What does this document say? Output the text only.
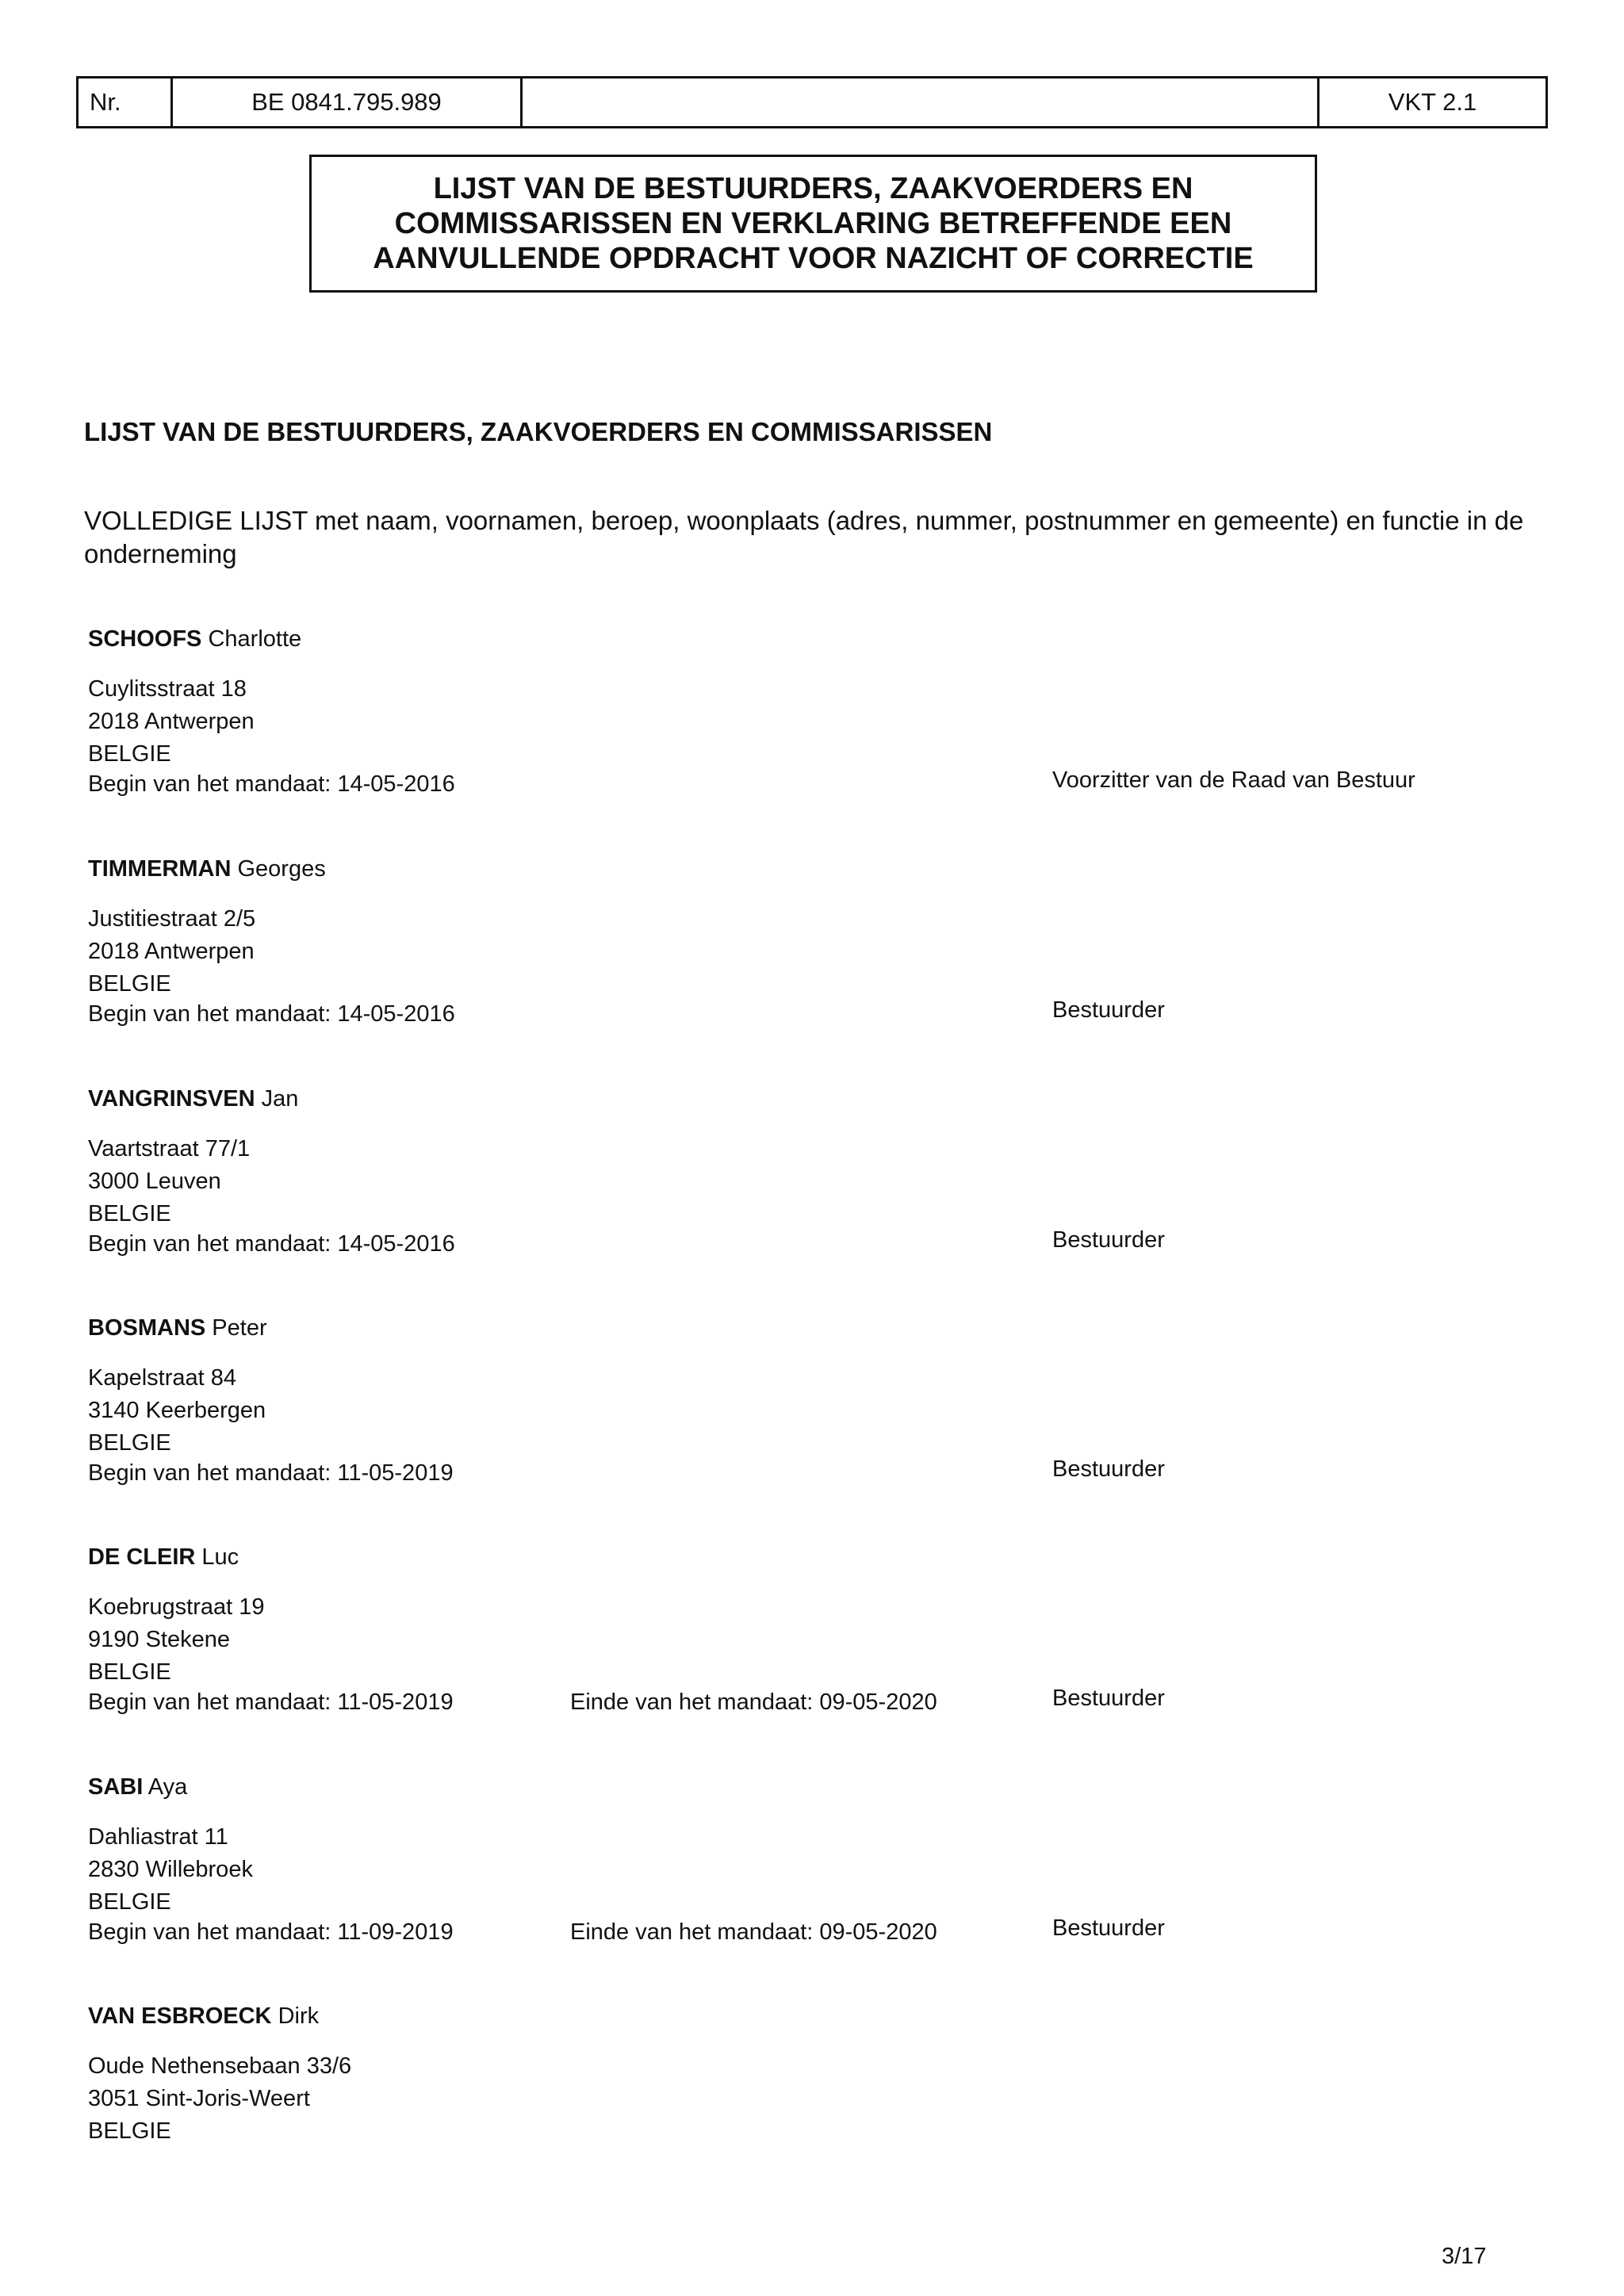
Nr.	BE 0841.795.989	VKT 2.1
LIJST VAN DE BESTUURDERS, ZAAKVOERDERS EN
COMMISSARISSEN EN VERKLARING BETREFFENDE EEN
AANVULLENDE OPDRACHT VOOR NAZICHT OF CORRECTIE
LIJST VAN DE BESTUURDERS, ZAAKVOERDERS EN COMMISSARISSEN
VOLLEDIGE LIJST met naam, voornamen, beroep, woonplaats (adres, nummer, postnummer en gemeente) en functie in de onderneming
SCHOOFS Charlotte
Cuylitsstraat 18
2018 Antwerpen
BELGIE
Begin van het mandaat: 14-05-2016	Voorzitter van de Raad van Bestuur
TIMMERMAN Georges
Justitiestraat 2/5
2018 Antwerpen
BELGIE
Begin van het mandaat: 14-05-2016	Bestuurder
VANGRINSVEN Jan
Vaartstraat 77/1
3000 Leuven
BELGIE
Begin van het mandaat: 14-05-2016	Bestuurder
BOSMANS Peter
Kapelstraat 84
3140 Keerbergen
BELGIE
Begin van het mandaat: 11-05-2019	Bestuurder
DE CLEIR Luc
Koebrugstraat 19
9190 Stekene
BELGIE
Begin van het mandaat: 11-05-2019	Einde van het mandaat: 09-05-2020	Bestuurder
SABI Aya
Dahliastrat 11
2830 Willebroek
BELGIE
Begin van het mandaat: 11-09-2019	Einde van het mandaat: 09-05-2020	Bestuurder
VAN ESBROECK Dirk
Oude Nethensebaan 33/6
3051 Sint-Joris-Weert
BELGIE
3/17
